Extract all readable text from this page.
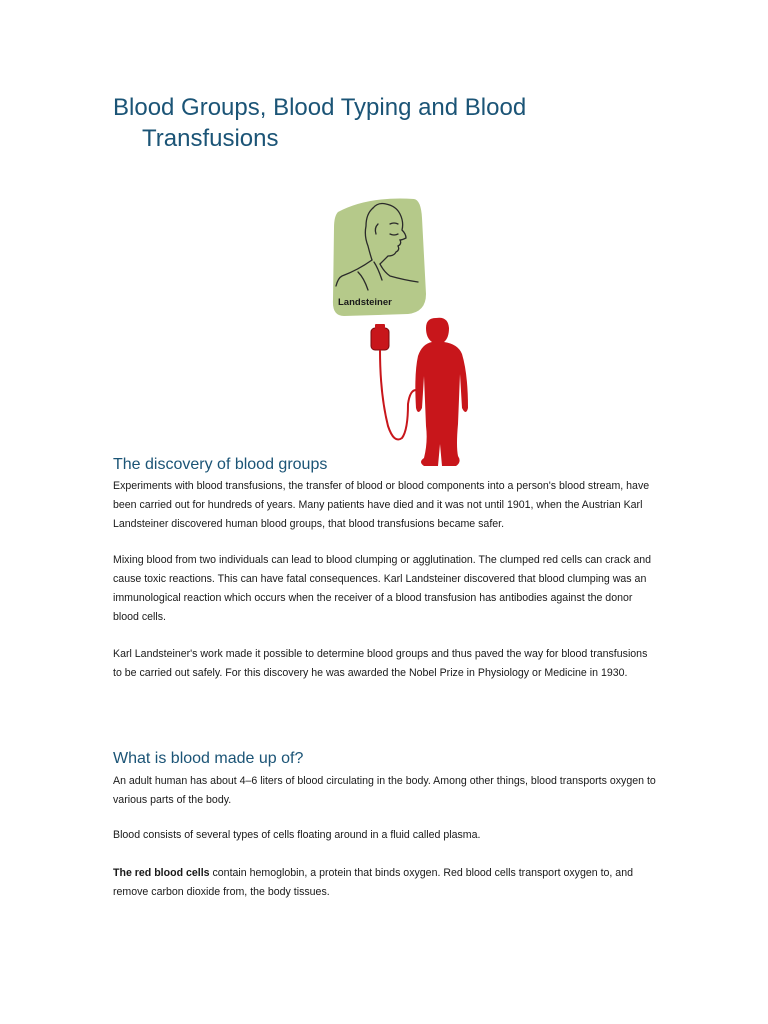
Blood Groups, Blood Typing and Blood
Transfusions
Landsteiner
The discovery of blood groups

Experiments with blood transfusions, the transfer of blood or blood components into a person's blood stream, have been carried out for hundreds of years. Many patients have died and it was not until 1901, when the Austrian Karl Landsteiner discovered human blood groups, that blood transfusions became safer.

Mixing blood from two individuals can lead to blood clumping or agglutination. The clumped red cells can crack and cause toxic reactions. This can have fatal consequences. Karl Landsteiner discovered that blood clumping was an immunological reaction which occurs when the receiver of a blood transfusion has antibodies against the donor blood cells.

Karl Landsteiner's work made it possible to determine blood groups and thus paved the way for blood transfusions to be carried out safely. For this discovery he was awarded the Nobel Prize in Physiology or Medicine in 1930.

What is blood made up of?

An adult human has about 4–6 liters of blood circulating in the body. Among other things, blood transports oxygen to various parts of the body.

Blood consists of several types of cells floating around in a fluid called plasma.

The red blood cells contain hemoglobin, a protein that binds oxygen. Red blood cells transport oxygen to, and remove carbon dioxide from, the body tissues.
